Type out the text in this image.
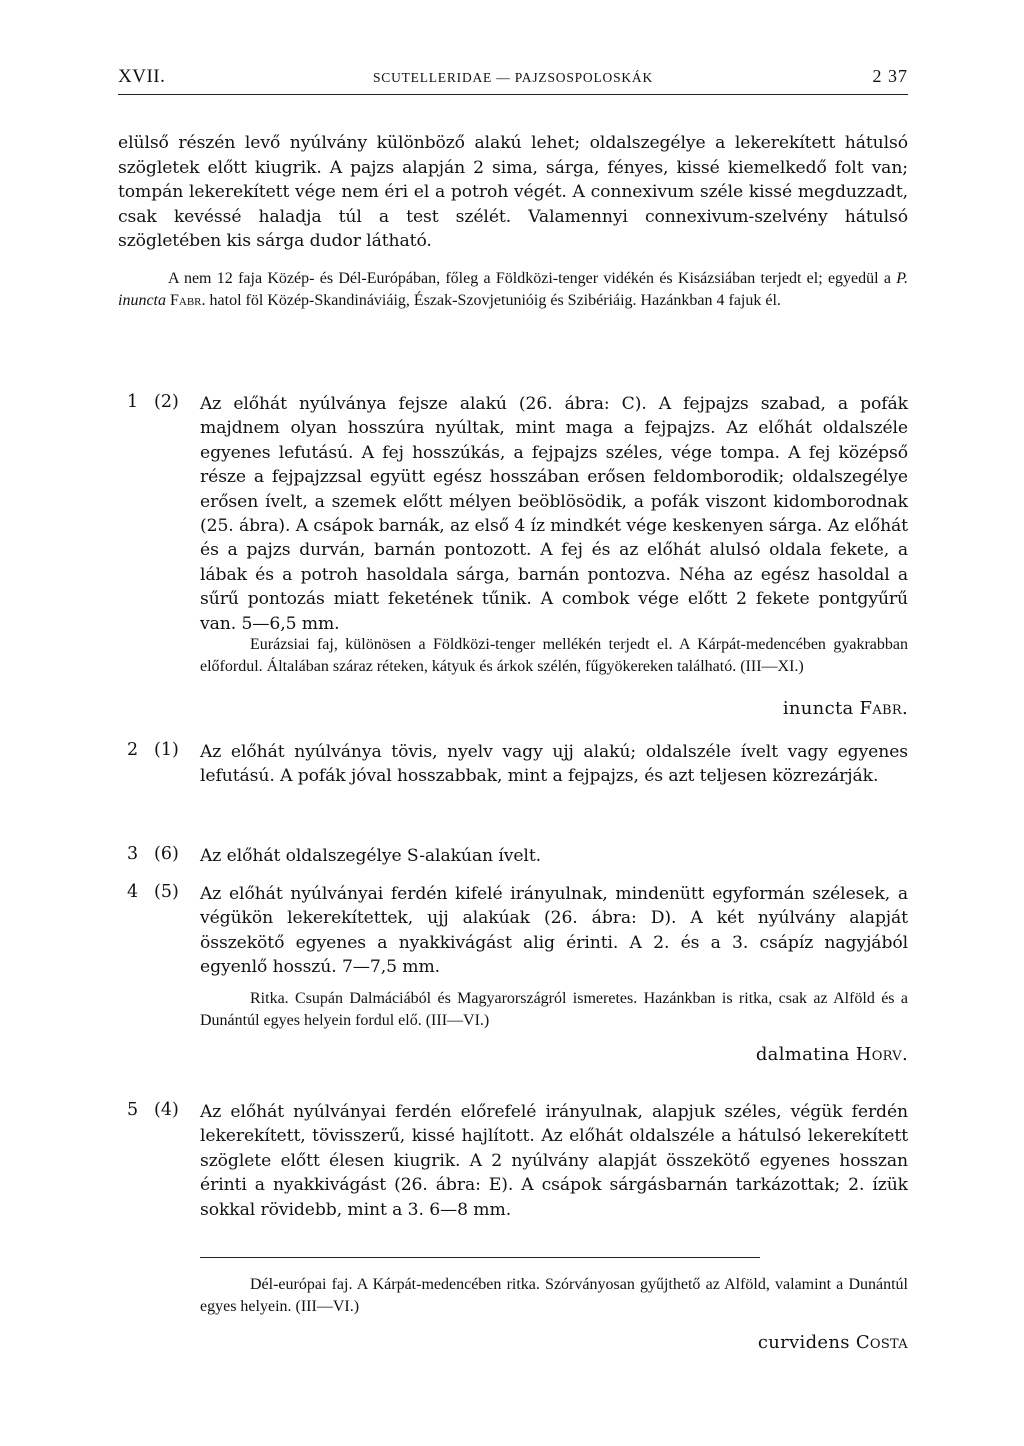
XVII.	SCUTELLERIDAE — PAJZSOSPOLOSKÁK	2 37

elülső részén levő nyúlvány különböző alakú lehet; oldalszegélye a lekerekített hátulsó szögletek előtt kiugrik. A pajzs alapján 2 sima, sárga, fényes, kissé kiemelkedő folt van; tompán lekerekített vége nem éri el a potroh végét. A connexivum széle kissé megduzzadt, csak kevéssé haladja túl a test szélét. Valamennyi connexivum-szelvény hátulsó szögletében kis sárga dudor látható.

A nem 12 faja Közép- és Dél-Európában, főleg a Földközi-tenger vidékén és Kisázsiában terjedt el; egyedül a P. inuncta Fabr. hatol föl Közép-Skandináviáig, Észak-Szovjetunióig és Szibériáig. Hazánkban 4 fajuk él.

1 (2) Az előhát nyúlványa fejsze alakú (26. ábra: C). A fejpajzs szabad, a pofák majdnem olyan hosszúra nyúltak, mint maga a fejpajzs. Az előhát oldalszéle egyenes lefutású. A fej hosszúkás, a fejpajzs széles, vége tompa. A fej középső része a fejpajzzsal együtt egész hosszában erősen feldomborodik; oldalszegélye erősen ívelt, a szemek előtt mélyen beöblösödik, a pofák viszont kidomborodnak (25. ábra). A csápok barnák, az első 4 íz mindkét vége keskenyen sárga. Az előhát és a pajzs durván, barnán pontozott. A fej és az előhát alulsó oldala fekete, a lábak és a potroh hasoldala sárga, barnán pontozva. Néha az egész hasoldal a sűrű pontozás miatt feketének tűnik. A combok vége előtt 2 fekete pontgyűrű van. 5—6,5 mm.

Eurázsiai faj, különösen a Földközi-tenger mellékén terjedt el. A Kárpát-medencében gyakrabban előfordul. Általában száraz réteken, kátyuk és árkok szélén, fűgyökereken található. (III—XI.)

inuncta Fabr.
2 (1) Az előhát nyúlványa tövis, nyelv vagy ujj alakú; oldalszéle ívelt vagy egyenes lefutású. A pofák jóval hosszabbak, mint a fejpajzs, és azt teljesen közrezárják.

3 (6) Az előhát oldalszegélye S-alakúan ívelt.

4 (5) Az előhát nyúlványai ferdén kifelé irányulnak, mindenütt egyformán szélesek, a végükön lekerekítettek, ujj alakúak (26. ábra: D). A két nyúlvány alapját összekötő egyenes a nyakkivágást alig érinti. A 2. és a 3. csápíz nagyjából egyenlő hosszú. 7—7,5 mm.

Ritka. Csupán Dalmáciából és Magyarországról ismeretes. Hazánkban is ritka, csak az Alföld és a Dunántúl egyes helyein fordul elő. (III—VI.)

dalmatina Horv.
5 (4) Az előhát nyúlványai ferdén előrefelé irányulnak, alapjuk széles, végük ferdén lekerekített, tövisszerű, kissé hajlított. Az előhát oldalszéle a hátulsó lekerekített szöglete előtt élesen kiugrik. A 2 nyúlvány alapját összekötő egyenes hosszan érinti a nyakkivágást (26. ábra: E). A csápok sárgásbarnán tarkázottak; 2. ízük sokkal rövidebb, mint a 3. 6—8 mm.

Dél-európai faj. A Kárpát-medencében ritka. Szórványosan gyűjthető az Alföld, valamint a Dunántúl egyes helyein. (III—VI.)

curvidens Costa
